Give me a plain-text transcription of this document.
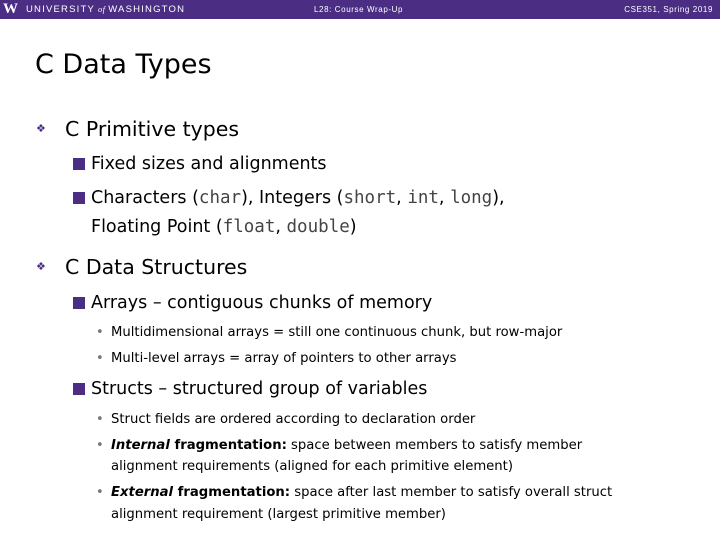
W UNIVERSITY of WASHINGTON	L28: Course Wrap-Up	CSE351, Spring 2019
C Data Types
❖ C Primitive types
Fixed sizes and alignments
Characters (char), Integers (short, int, long),
Floating Point (float, double)
❖ C Data Structures
Arrays – contiguous chunks of memory
• Multidimensional arrays = still one continuous chunk, but row-major
• Multi-level arrays = array of pointers to other arrays
Structs – structured group of variables
• Struct fields are ordered according to declaration order
• Internal fragmentation: space between members to satisfy member
alignment requirements (aligned for each primitive element)
• External fragmentation: space after last member to satisfy overall struct
alignment requirement (largest primitive member)
